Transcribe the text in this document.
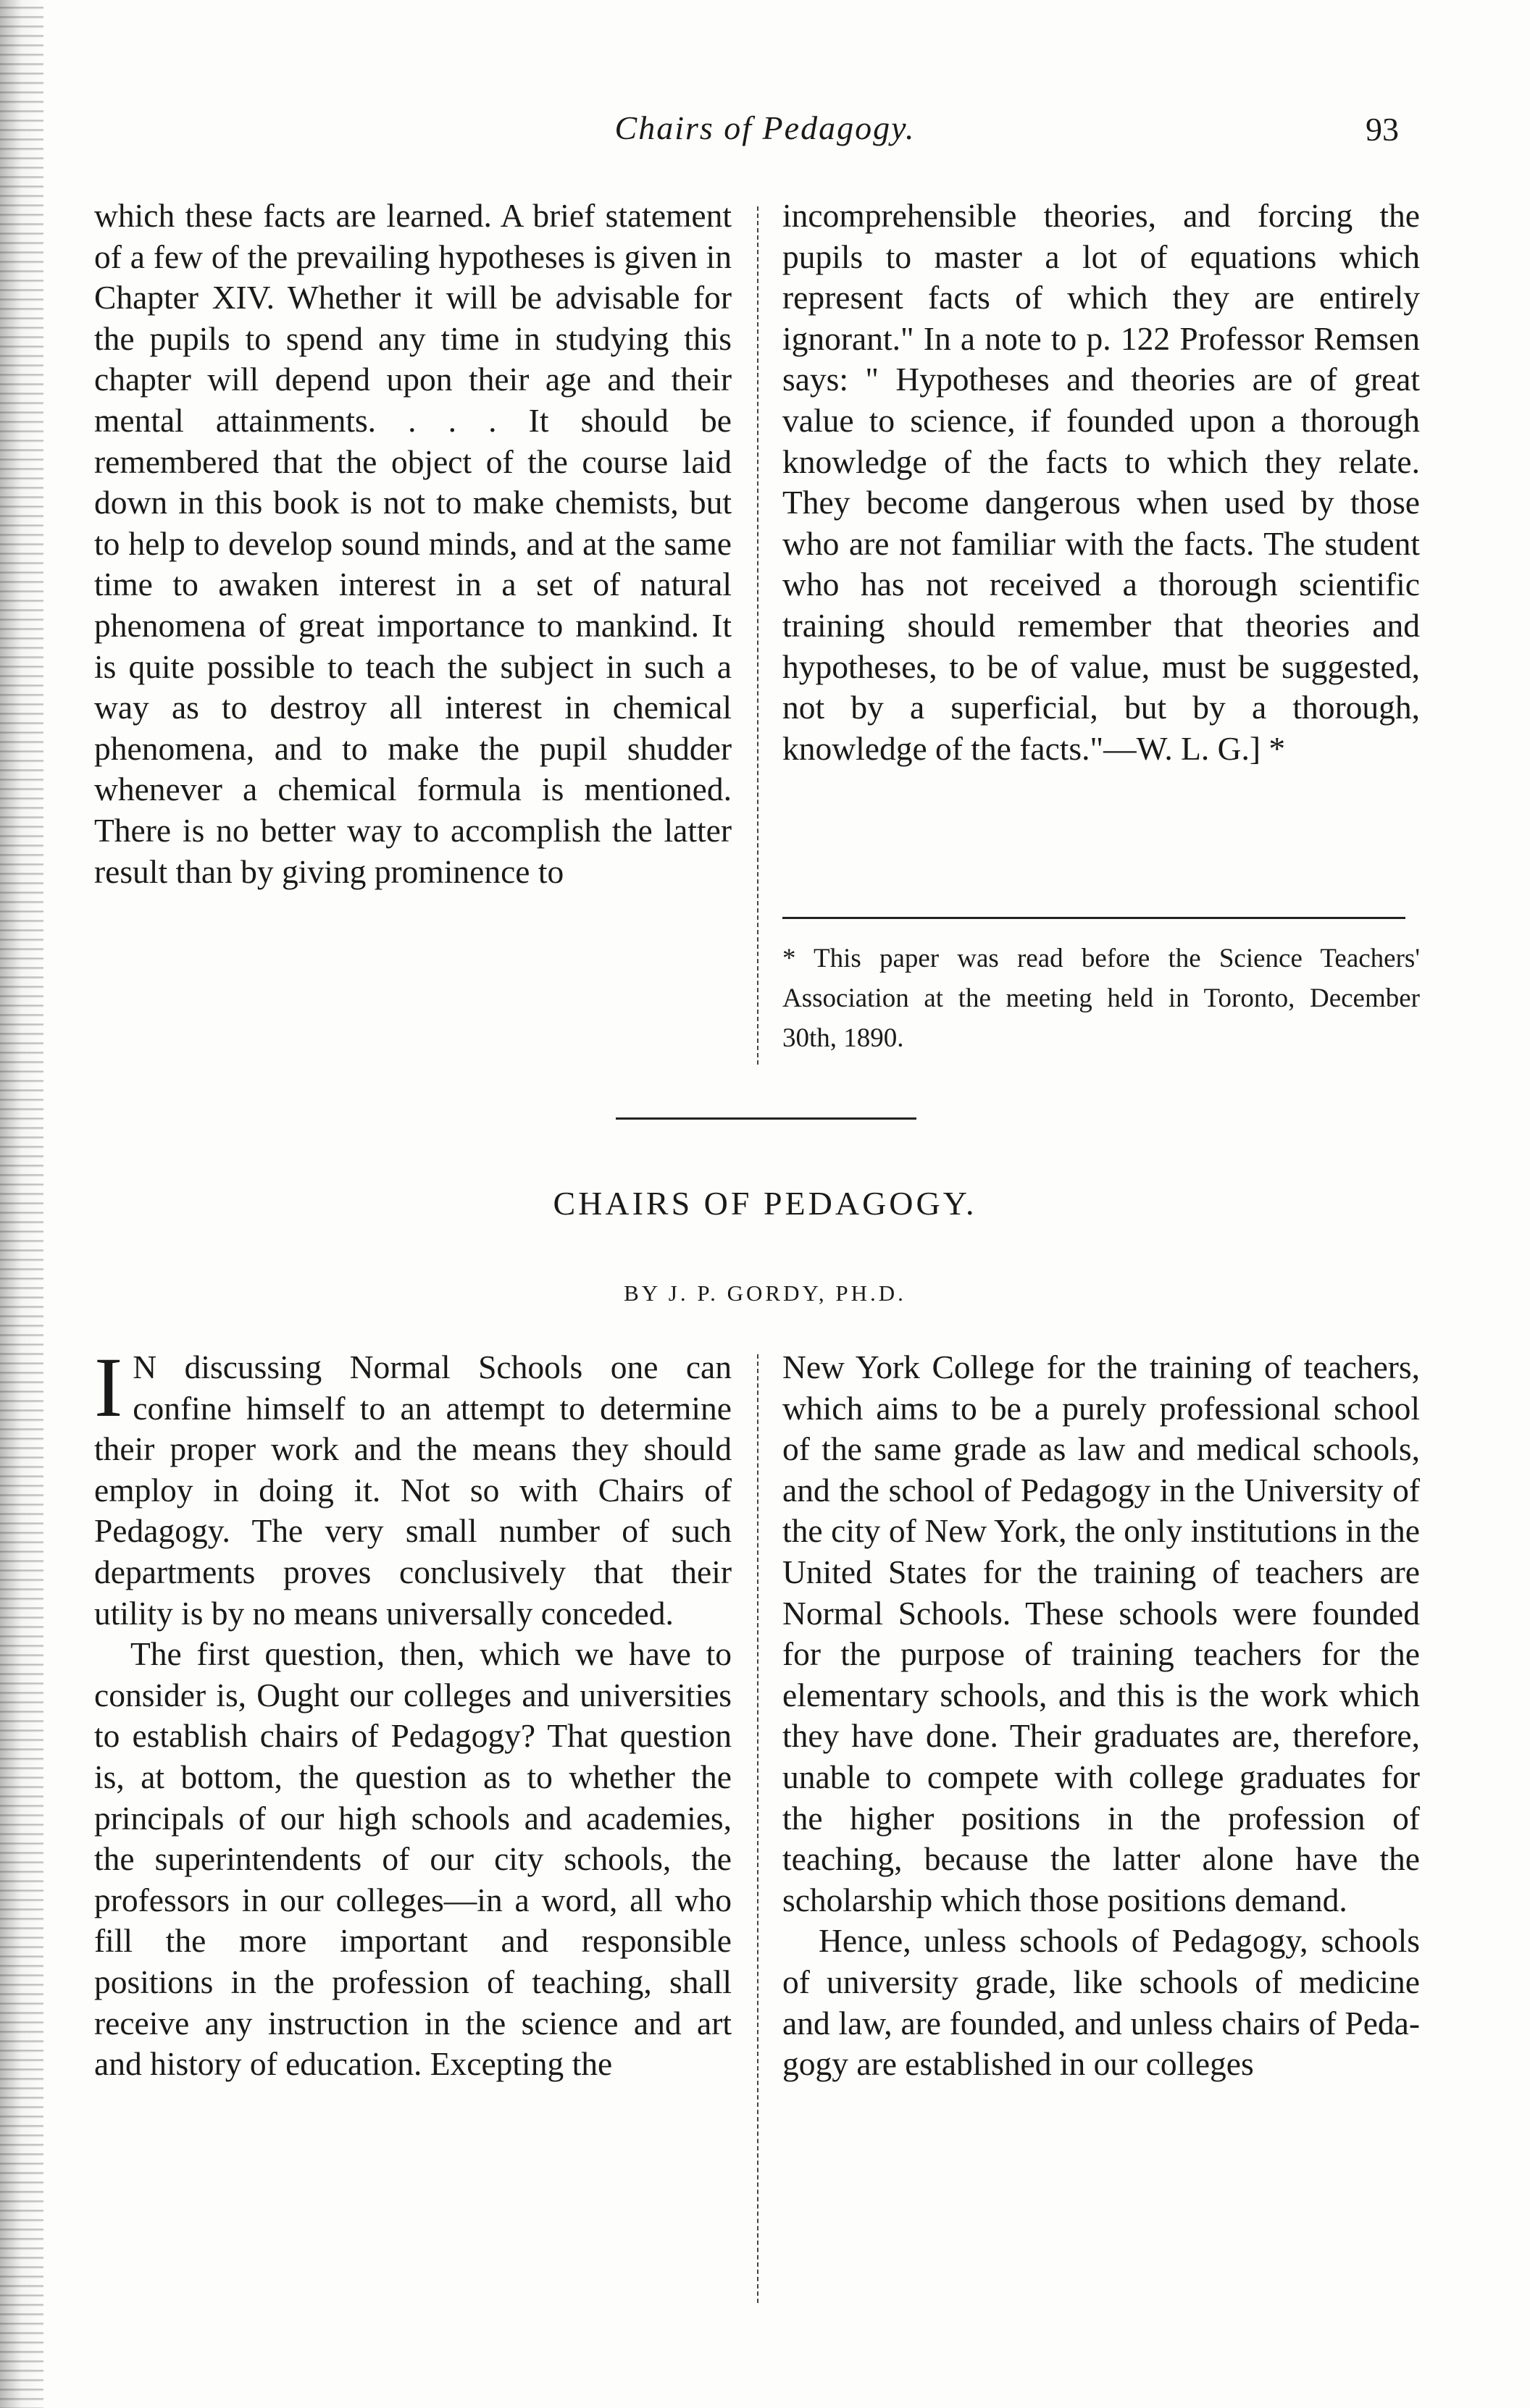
Chairs of Pedagogy.	93

which these facts are learned. A brief statement of a few of the prevailing hypotheses is given in Chapter XIV. Whether it will be advisable for the pupils to spend any time in studying this chapter will depend upon their age and their mental attainments. . . . It should be remembered that the object of the course laid down in this book is not to make chemists, but to help to develop sound minds, and at the same time to awaken interest in a set of natural phenomena of great importance to mankind. It is quite possible to teach the subject in such a way as to destroy all interest in chemical phenomena, and to make the pupil shudder whenever a chemical formula is mentioned. There is no better way to accomplish the latter result than by giving prominence to

incomprehensible theories, and forcing the pupils to master a lot of equations which represent facts of which they are entirely ignorant." In a note to p. 122 Professor Remsen says: " Hypotheses and theories are of great value to science, if founded upon a thorough knowledge of the facts to which they relate. They become dangerous when used by those who are not familiar with the facts. The student who has not received a thorough scientific training should remember that theories and hypotheses, to be of value, must be suggested, not by a superficial, but by a thorough, knowledge of the facts."—W. L. G.] *

* This paper was read before the Science Teachers' Association at the meeting held in Toronto, December 30th, 1890.
CHAIRS OF PEDAGOGY.
BY J. P. GORDY, PH.D.

I N discussing Normal Schools one can confine himself to an attempt to determine their proper work and the means they should employ in doing it. Not so with Chairs of Pedagogy. The very small number of such departments proves conclusively that their utility is by no means universally conceded.

The first question, then, which we have to consider is, Ought our colleges and universities to establish chairs of Pedagogy? That question is, at bottom, the question as to whether the principals of our high schools and academies, the superintendents of our city schools, the professors in our colleges—in a word, all who fill the more important and responsible positions in the profession of teaching, shall receive any instruction in the science and art and history of education. Excepting the

New York College for the training of teachers, which aims to be a purely professional school of the same grade as law and medical schools, and the school of Pedagogy in the University of the city of New York, the only institutions in the United States for the training of teachers are Normal Schools. These schools were founded for the purpose of training teachers for the elementary schools, and this is the work which they have done. Their graduates are, therefore, unable to compete with college graduates for the higher positions in the profession of teaching, because the latter alone have the scholarship which those positions demand.

Hence, unless schools of Pedagogy, schools of university grade, like schools of medicine and law, are founded, and unless chairs of Pedagogy are established in our colleges
